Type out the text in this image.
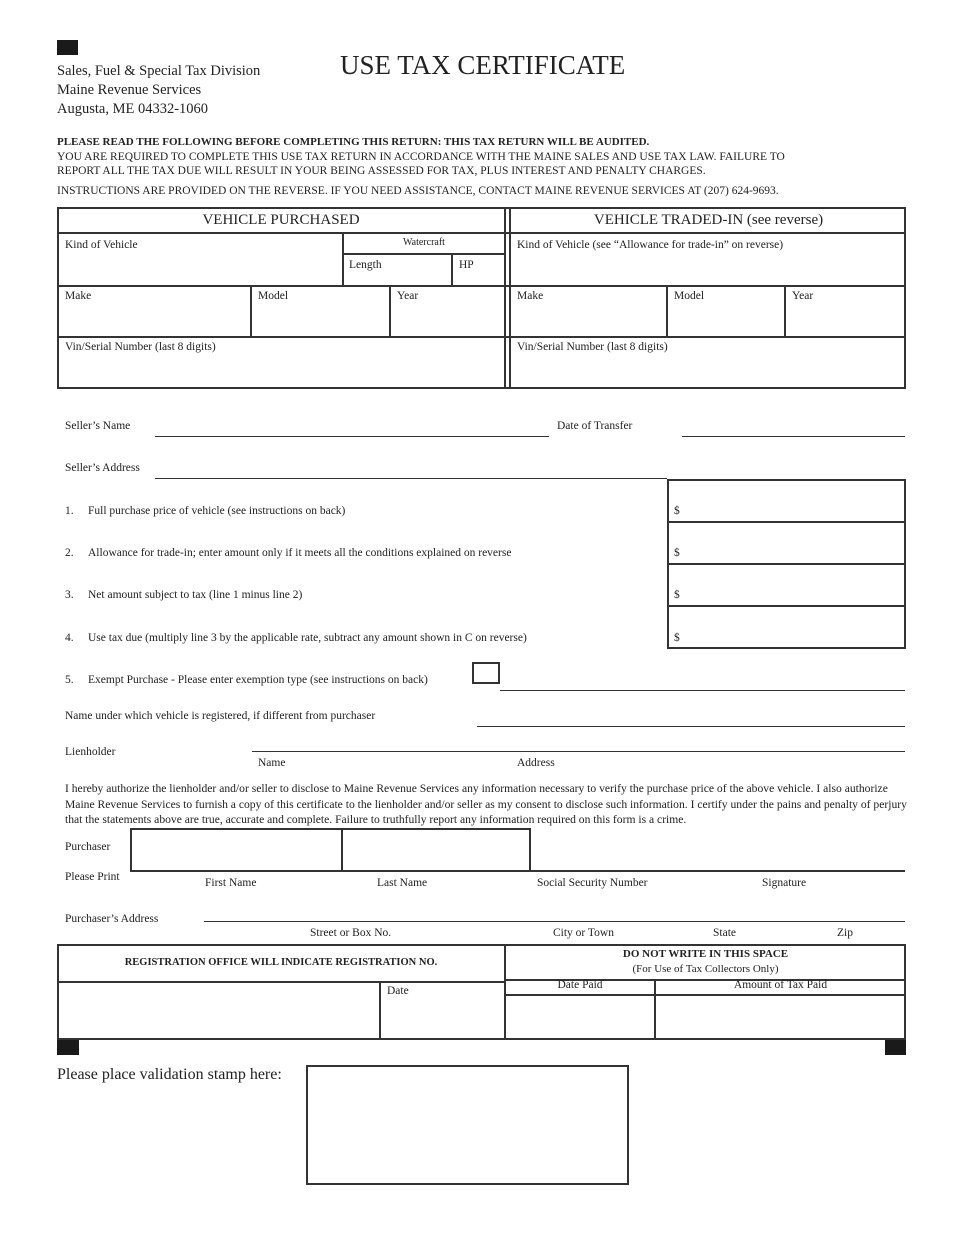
Sales, Fuel & Special Tax Division
Maine Revenue Services
Augusta, ME 04332-1060
USE TAX CERTIFICATE
PLEASE READ THE FOLLOWING BEFORE COMPLETING THIS RETURN: THIS TAX RETURN WILL BE AUDITED.
YOU ARE REQUIRED TO COMPLETE THIS USE TAX RETURN IN ACCORDANCE WITH THE MAINE SALES AND USE TAX LAW. FAILURE TO
REPORT ALL THE TAX DUE WILL RESULT IN YOUR BEING ASSESSED FOR TAX, PLUS INTEREST AND PENALTY CHARGES.
INSTRUCTIONS ARE PROVIDED ON THE REVERSE. IF YOU NEED ASSISTANCE, CONTACT MAINE REVENUE SERVICES AT (207) 624-9693.
VEHICLE PURCHASED	VEHICLE TRADED-IN (see reverse)
Kind of Vehicle	Watercraft
Length	HP
Make	Model	Year
Vin/Serial Number (last 8 digits)
Kind of Vehicle (see “Allowance for trade-in” on reverse)
Make	Model	Year
Vin/Serial Number (last 8 digits)
Seller’s Name	Date of Transfer
Seller’s Address
1. Full purchase price of vehicle (see instructions on back)	$
2. Allowance for trade-in; enter amount only if it meets all the conditions explained on reverse	$
3. Net amount subject to tax (line 1 minus line 2)	$
4. Use tax due (multiply line 3 by the applicable rate, subtract any amount shown in C on reverse)	$
5. Exempt Purchase - Please enter exemption type (see instructions on back)
Name under which vehicle is registered, if different from purchaser
Lienholder
Name	Address
I hereby authorize the lienholder and/or seller to disclose to Maine Revenue Services any information necessary to verify the purchase price of the above vehicle. I also authorize Maine Revenue Services to furnish a copy of this certificate to the lienholder and/or seller as my consent to disclose such information. I certify under the pains and penalty of perjury that the statements above are true, accurate and complete. Failure to truthfully report any information required on this form is a crime.
Purchaser
Please Print	First Name	Last Name	Social Security Number	Signature
Purchaser’s Address
Street or Box No.	City or Town	State	Zip
REGISTRATION OFFICE WILL INDICATE REGISTRATION NO.
Date
DO NOT WRITE IN THIS SPACE
(For Use of Tax Collectors Only)
Date Paid	Amount of Tax Paid
Please place validation stamp here:
